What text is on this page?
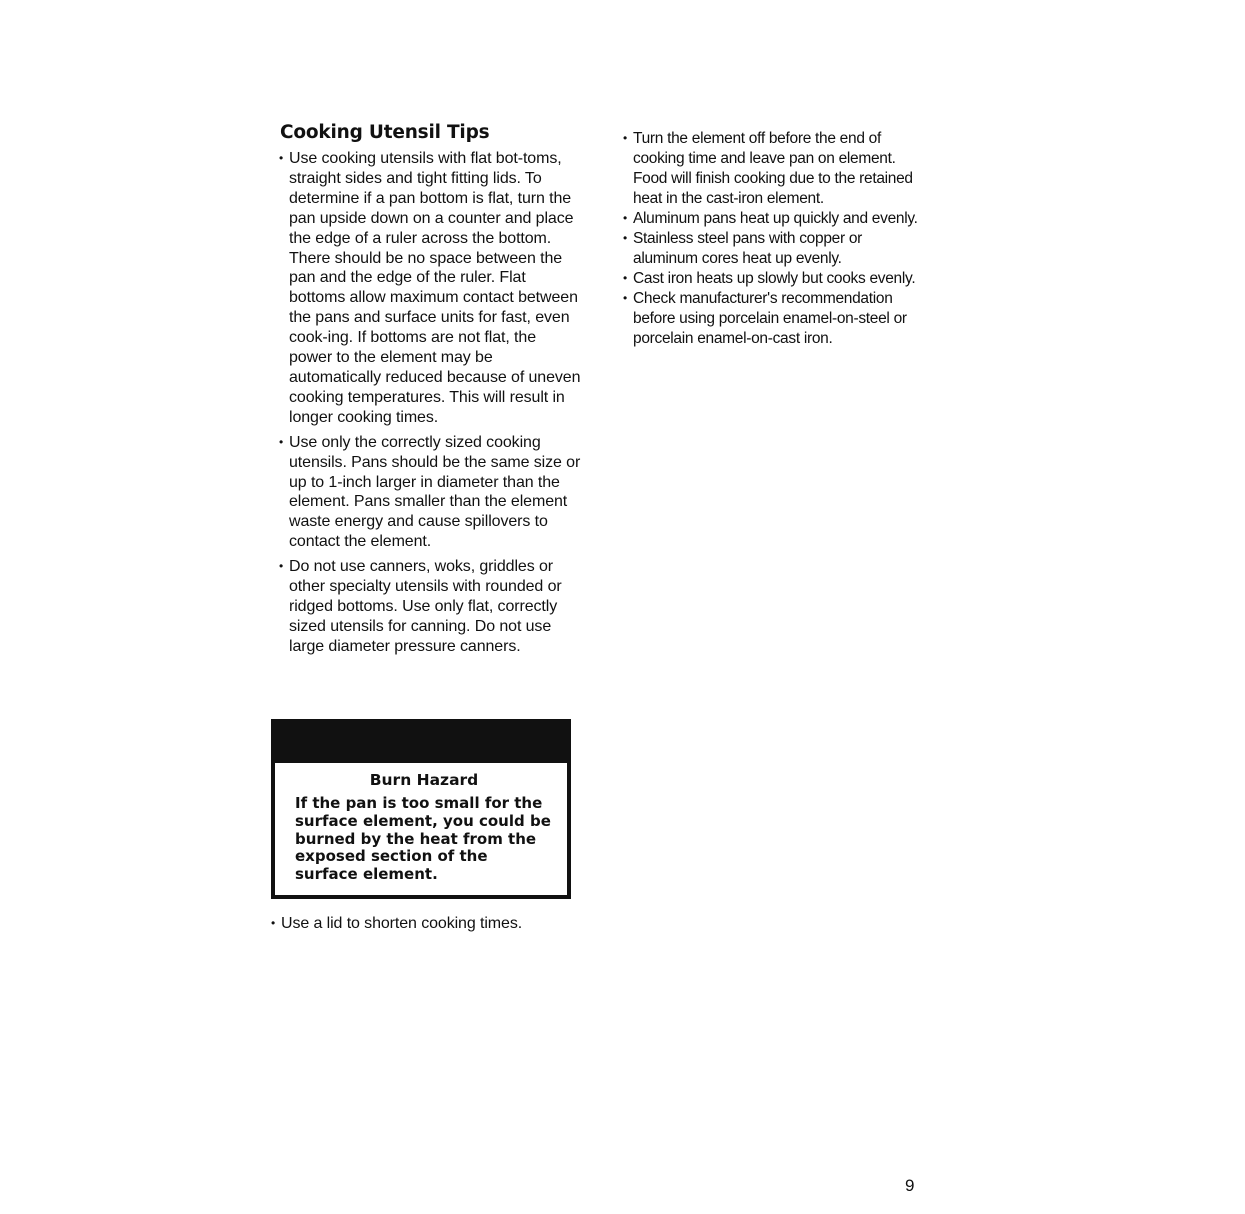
Cooking Utensil Tips
• Use cooking utensils with flat bot-toms, straight sides and tight fitting lids. To determine if a pan bottom is flat, turn the pan upside down on a counter and place the edge of a ruler across the bottom. There should be no space between the pan and the edge of the ruler. Flat bottoms allow maximum contact between the pans and surface units for fast, even cook-ing. If bottoms are not flat, the power to the element may be automatically reduced because of uneven cooking temperatures. This will result in longer cooking times.
• Use only the correctly sized cooking utensils. Pans should be the same size or up to 1-inch larger in diameter than the element. Pans smaller than the element waste energy and cause spillovers to contact the element.
• Do not use canners, woks, griddles or other specialty utensils with rounded or ridged bottoms. Use only flat, correctly sized utensils for canning. Do not use large diameter pressure canners.

Burn Hazard

If the pan is too small for the surface element, you could be burned by the heat from the exposed section of the surface element.

• Use a lid to shorten cooking times.
• Turn the element off before the end of cooking time and leave pan on element. Food will finish cooking due to the retained heat in the cast-iron element.
• Aluminum pans heat up quickly and evenly.
• Stainless steel pans with copper or aluminum cores heat up evenly.
• Cast iron heats up slowly but cooks evenly.
• Check manufacturer's recommendation before using porcelain enamel-on-steel or porcelain enamel-on-cast iron.
9
